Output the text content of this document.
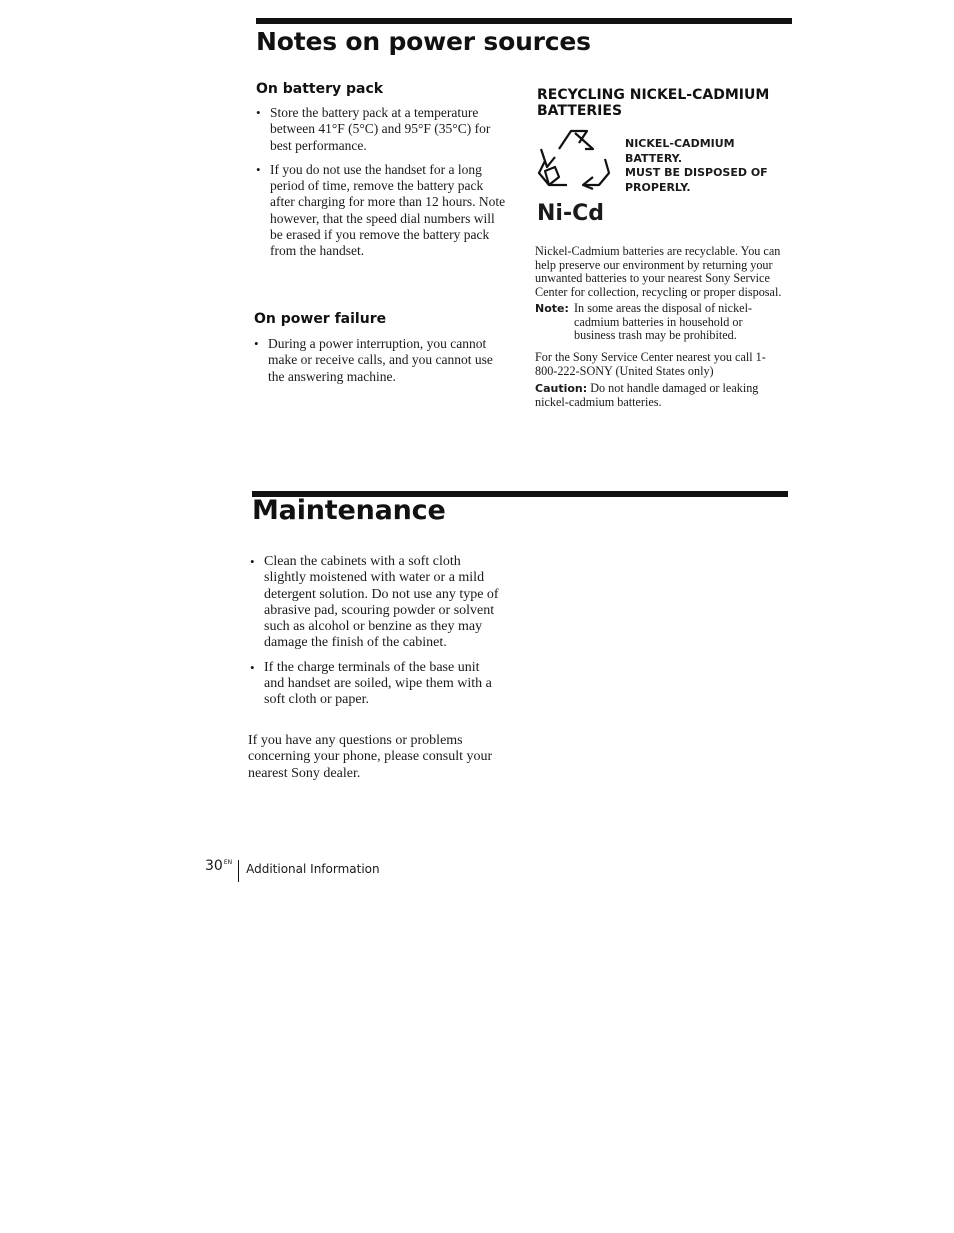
Notes on power sources
On battery pack
• Store the battery pack at a temperature between 41°F (5°C) and 95°F (35°C) for best performance.
• If you do not use the handset for a long period of time, remove the battery pack after charging for more than 12 hours. Note however, that the speed dial numbers will be erased if you remove the battery pack from the handset.
On power failure
• During a power interruption, you cannot make or receive calls, and you cannot use the answering machine.
RECYCLING NICKEL-CADMIUM BATTERIES
NICKEL-CADMIUM
BATTERY.
MUST BE DISPOSED OF
PROPERLY.
Ni-Cd

Nickel-Cadmium batteries are recyclable. You can help preserve our environment by returning your unwanted batteries to your nearest Sony Service Center for collection, recycling or proper disposal.

Note: In some areas the disposal of nickel-cadmium batteries in household or business trash may be prohibited.

For the Sony Service Center nearest you call 1-800-222-SONY (United States only)

Caution: Do not handle damaged or leaking nickel-cadmium batteries.

Maintenance
• Clean the cabinets with a soft cloth slightly moistened with water or a mild detergent solution. Do not use any type of abrasive pad, scouring powder or solvent such as alcohol or benzine as they may damage the finish of the cabinet.
• If the charge terminals of the base unit and handset are soiled, wipe them with a soft cloth or paper.

If you have any questions or problems concerning your phone, please consult your nearest Sony dealer.

30 EN Additional Information
